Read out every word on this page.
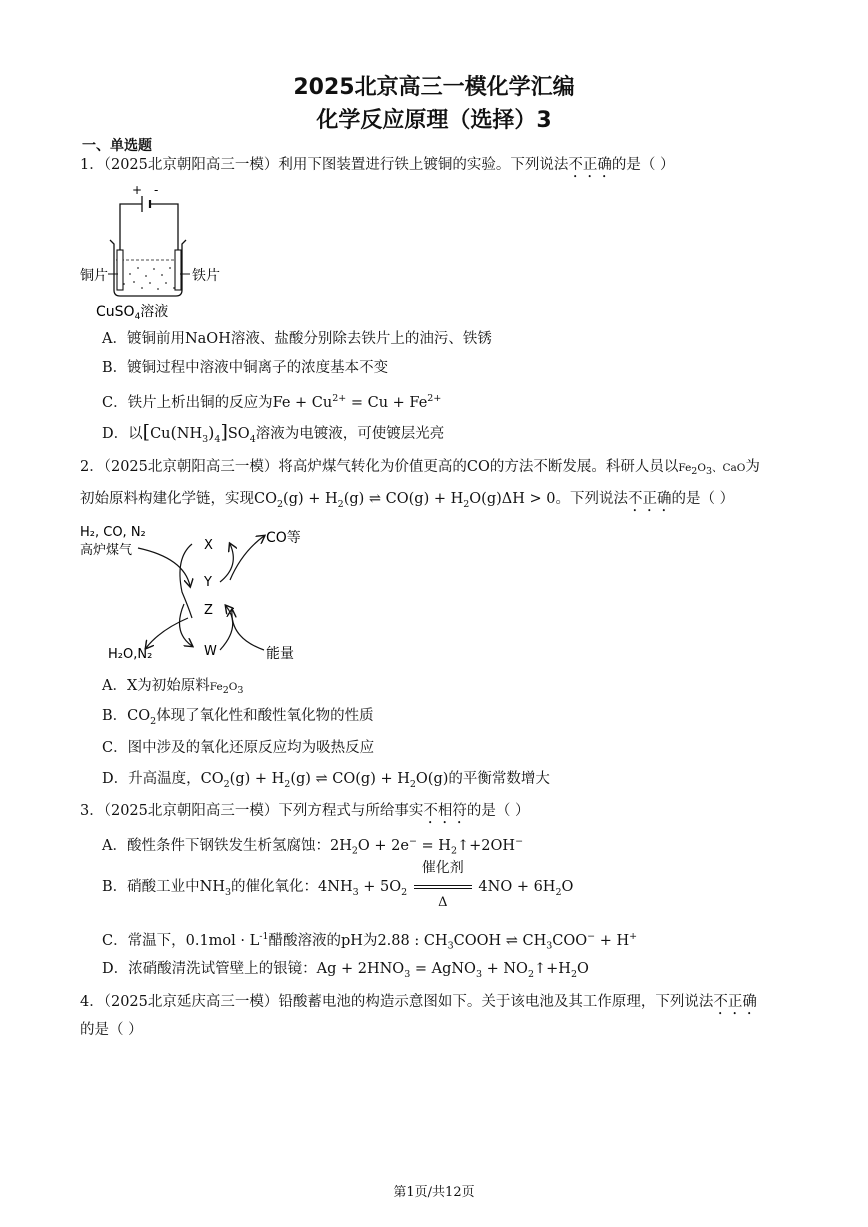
2025北京高三一模化学汇编
化学反应原理（选择）3
一、单选题
1．（2025北京朝阳高三一模）利用下图装置进行铁上镀铜的实验。下列说法不正确的是（ ）
+ -
铜片	铁片
CuSO$_4$溶液
A．镀铜前用NaOH溶液、盐酸分别除去铁片上的油污、铁锈
B．镀铜过程中溶液中铜离子的浓度基本不变
C．铁片上析出铜的反应为$Fe + Cu^{2+} = Cu + Fe^{2+}$
D．以$[Cu(NH_3)_4]SO_4$溶液为电镀液，可使镀层光亮
2．（2025北京朝阳高三一模）将高炉煤气转化为价值更高的CO的方法不断发展。科研人员以$Fe_2O_3$、CaO为
初始原料构建化学链，实现$CO_2(g) + H_2(g)$ ⇌ $CO(g) + H_2O(g)\Delta H > 0$。下列说法不正确的是（ ）
H₂, CO, N₂
高炉煤气
CO等
H₂O,N₂	能量
X
Y
Z
W
A．X为初始原料$Fe_2O_3$
B．$CO_2$体现了氧化性和酸性氧化物的性质
C．图中涉及的氧化还原反应均为吸热反应
D．升高温度，$CO_2(g) + H_2(g)$ ⇌ $CO(g) + H_2O(g)$的平衡常数增大
3．（2025北京朝阳高三一模）下列方程式与所给事实不相符的是（ ）
A．酸性条件下钢铁发生析氢腐蚀：$2H_2O + 2e^-$ = $H_2↑+2OH^-$
B．硝酸工业中$NH_3$的催化氧化：$4NH_3 + 5O_2$
催化剂
Δ
$4NO + 6H_2O$
C．常温下，$0.1mol \cdot L^{-1}$醋酸溶液的pH为2.88 : $CH_3COOH$ ⇌ $CH_3COO^- + H^+$
D．浓硝酸清洗试管壁上的银镜：$Ag + 2HNO_3$ = AgNO$_3$ + $NO_2↑+H_2O$
4．（2025北京延庆高三一模）铅酸蓄电池的构造示意图如下。关于该电池及其工作原理，下列说法不正确
的是（ ）
第1页/共12页
